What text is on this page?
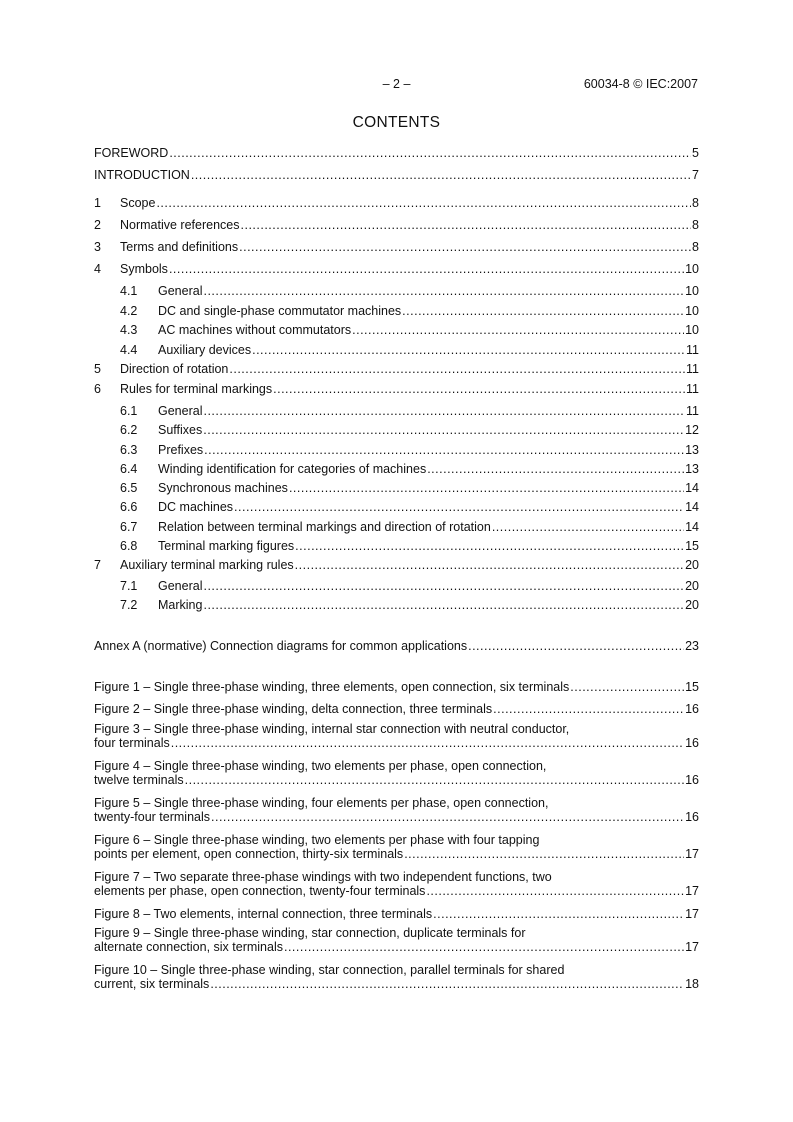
– 2 –	60034-8 © IEC:2007
CONTENTS
FOREWORD .....	5
INTRODUCTION .....	7
1	Scope .....	8
2	Normative references .....	8
3	Terms and definitions .....	8
4	Symbols .....	10
4.1	General .....	10
4.2	DC and single-phase commutator machines .....	10
4.3	AC machines without commutators .....	10
4.4	Auxiliary devices .....	11
5	Direction of rotation .....	11
6	Rules for terminal markings .....	11
6.1	General .....	11
6.2	Suffixes .....	12
6.3	Prefixes .....	13
6.4	Winding identification for categories of machines .....	13
6.5	Synchronous machines .....	14
6.6	DC machines .....	14
6.7	Relation between terminal markings and direction of rotation .....	14
6.8	Terminal marking figures .....	15
7	Auxiliary terminal marking rules .....	20
7.1	General .....	20
7.2	Marking .....	20
Annex A (normative) Connection diagrams for common applications .....	23
Figure 1 – Single three-phase winding, three elements, open connection, six terminals .....	15
Figure 2 – Single three-phase winding, delta connection, three terminals .....	16
Figure 3 – Single three-phase winding, internal star connection with neutral conductor,
four terminals .....	16
Figure 4 – Single three-phase winding, two elements per phase, open connection,
twelve terminals .....	16
Figure 5 – Single three-phase winding, four elements per phase, open connection,
twenty-four terminals .....	16
Figure 6 – Single three-phase winding, two elements per phase with four tapping
points per element, open connection, thirty-six terminals .....	17
Figure 7 – Two separate three-phase windings with two independent functions, two
elements per phase, open connection, twenty-four terminals .....	17
Figure 8 – Two elements, internal connection, three terminals .....	17
Figure 9 – Single three-phase winding, star connection, duplicate terminals for
alternate connection, six terminals .....	17
Figure 10 – Single three-phase winding, star connection, parallel terminals for shared
current, six terminals .....	18
